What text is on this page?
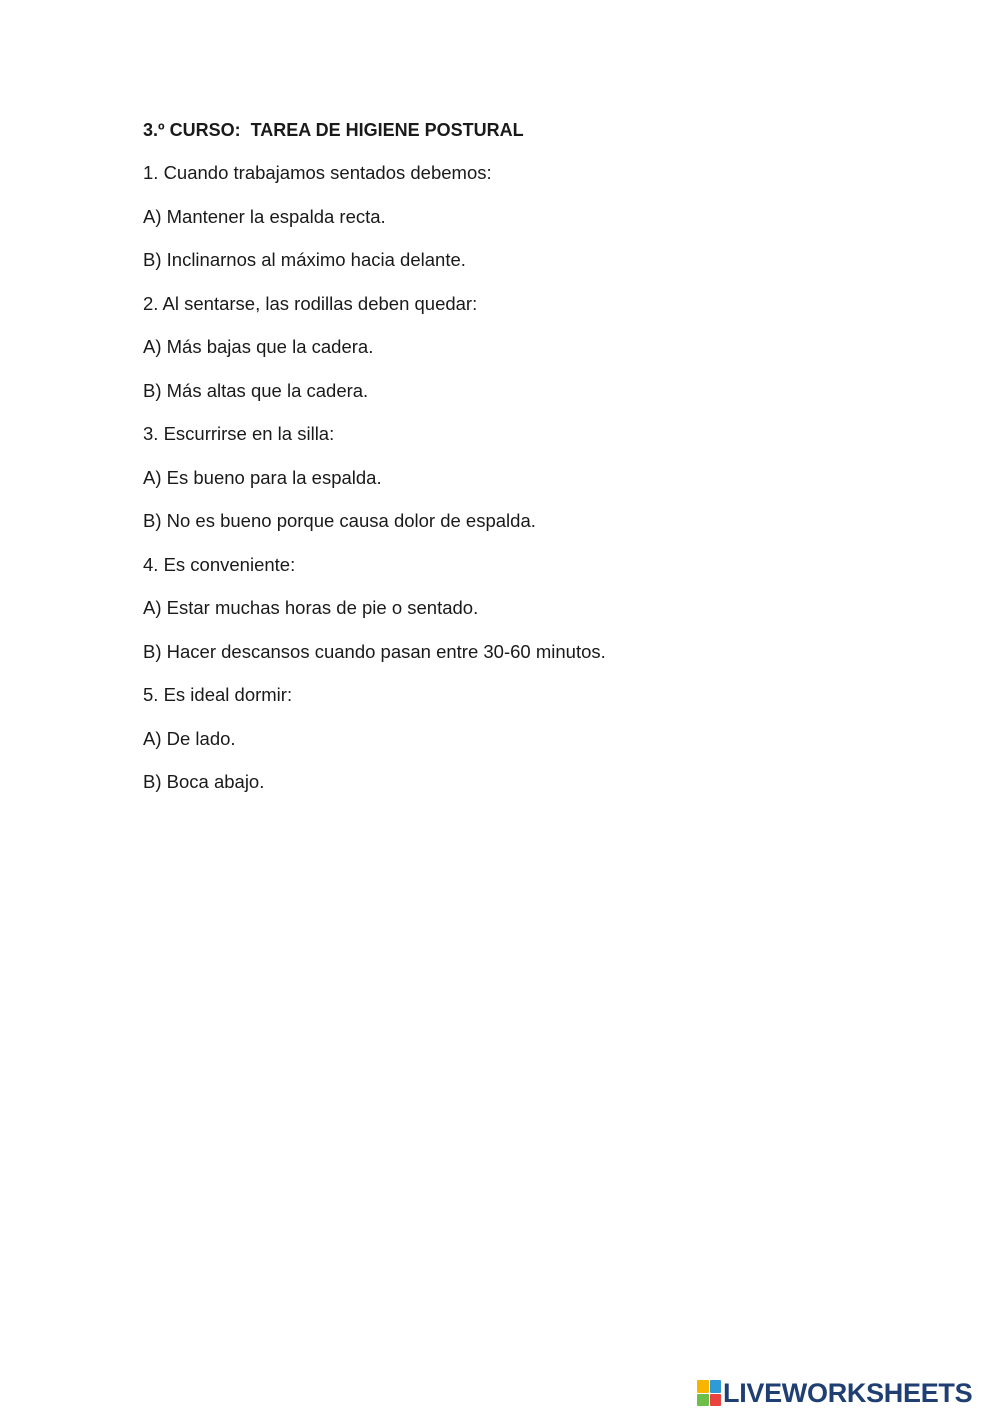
3.º CURSO:  TAREA DE HIGIENE POSTURAL

1. Cuando trabajamos sentados debemos:

A) Mantener la espalda recta.

B) Inclinarnos al máximo hacia delante.

2. Al sentarse, las rodillas deben quedar:

A) Más bajas que la cadera.

B) Más altas que la cadera.

3. Escurrirse en la silla:

A) Es bueno para la espalda.

B) No es bueno porque causa dolor de espalda.

4. Es conveniente:

A) Estar muchas horas de pie o sentado.

B) Hacer descansos cuando pasan entre 30-60 minutos.

5. Es ideal dormir:

A) De lado.

B) Boca abajo.

LIVEWORKSHEETS
